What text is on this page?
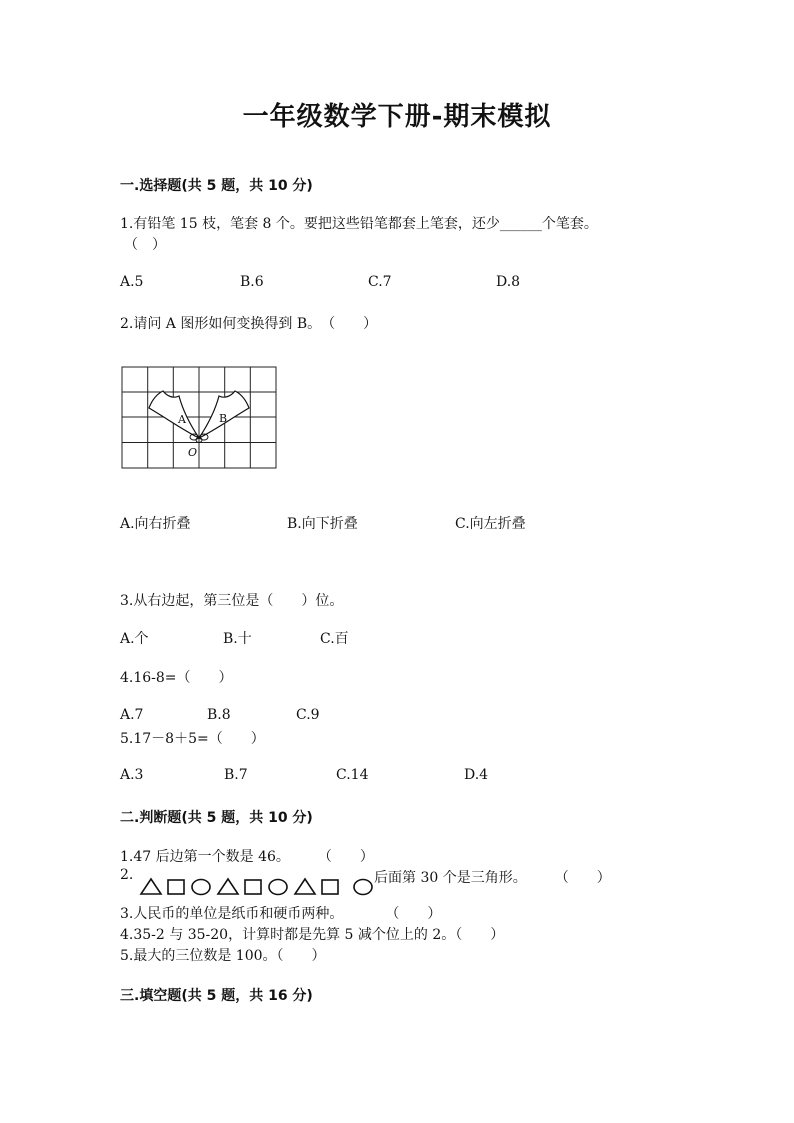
一年级数学下册-期末模拟
一.选择题(共 5 题，共 10 分)
1.有铅笔 15 枝，笔套 8 个。要把这些铅笔都套上笔套，还少______个笔套。
（　）
A.5	B.6	C.7	D.8
2.请问 A 图形如何变换得到 B。　（　　）
A	B
O
A.向右折叠	B.向下折叠	C.向左折叠
3.从右边起，第三位是（　　）位。
A.个	B.十	C.百
4.16-8=（　　）
A.7	B.8	C.9
5.17－8＋5=（　　）
A.3	B.7	C.14	D.4
二.判断题(共 5 题，共 10 分)
1.47 后边第一个数是 46。　　　（　　）
2.	后面第 30 个是三角形。　　　（　　）
3.人民币的单位是纸币和硬币两种。　　　　（　　）
4.35-2 与 35-20，计算时都是先算 5 减个位上的 2。（　　）
5.最大的三位数是 100。（　　）
三.填空题(共 5 题，共 16 分)
